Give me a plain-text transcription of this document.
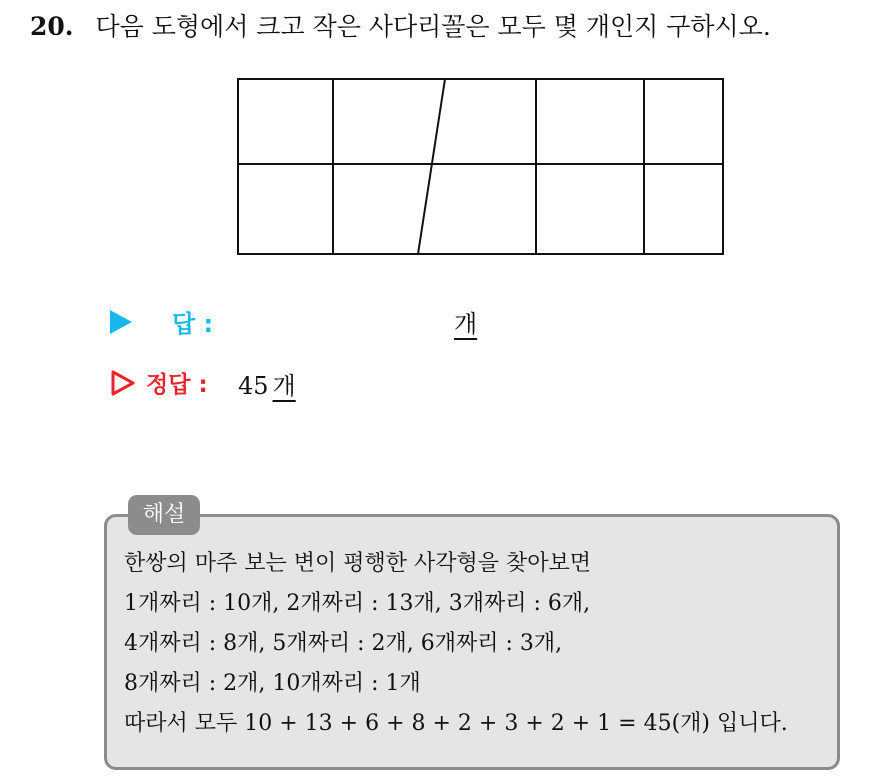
20. 다음 도형에서 크고 작은 사다리꼴은 모두 몇 개인지 구하시오.
답 :	개
정답 : 45 개
해설
한쌍의 마주 보는 변이 평행한 사각형을 찾아보면
1개짜리 : 10개, 2개짜리 : 13개, 3개짜리 : 6개,
4개짜리 : 8개, 5개짜리 : 2개, 6개짜리 : 3개,
8개짜리 : 2개, 10개짜리 : 1개
따라서 모두 10 + 13 + 6 + 8 + 2 + 3 + 2 + 1 = 45(개) 입니다.
